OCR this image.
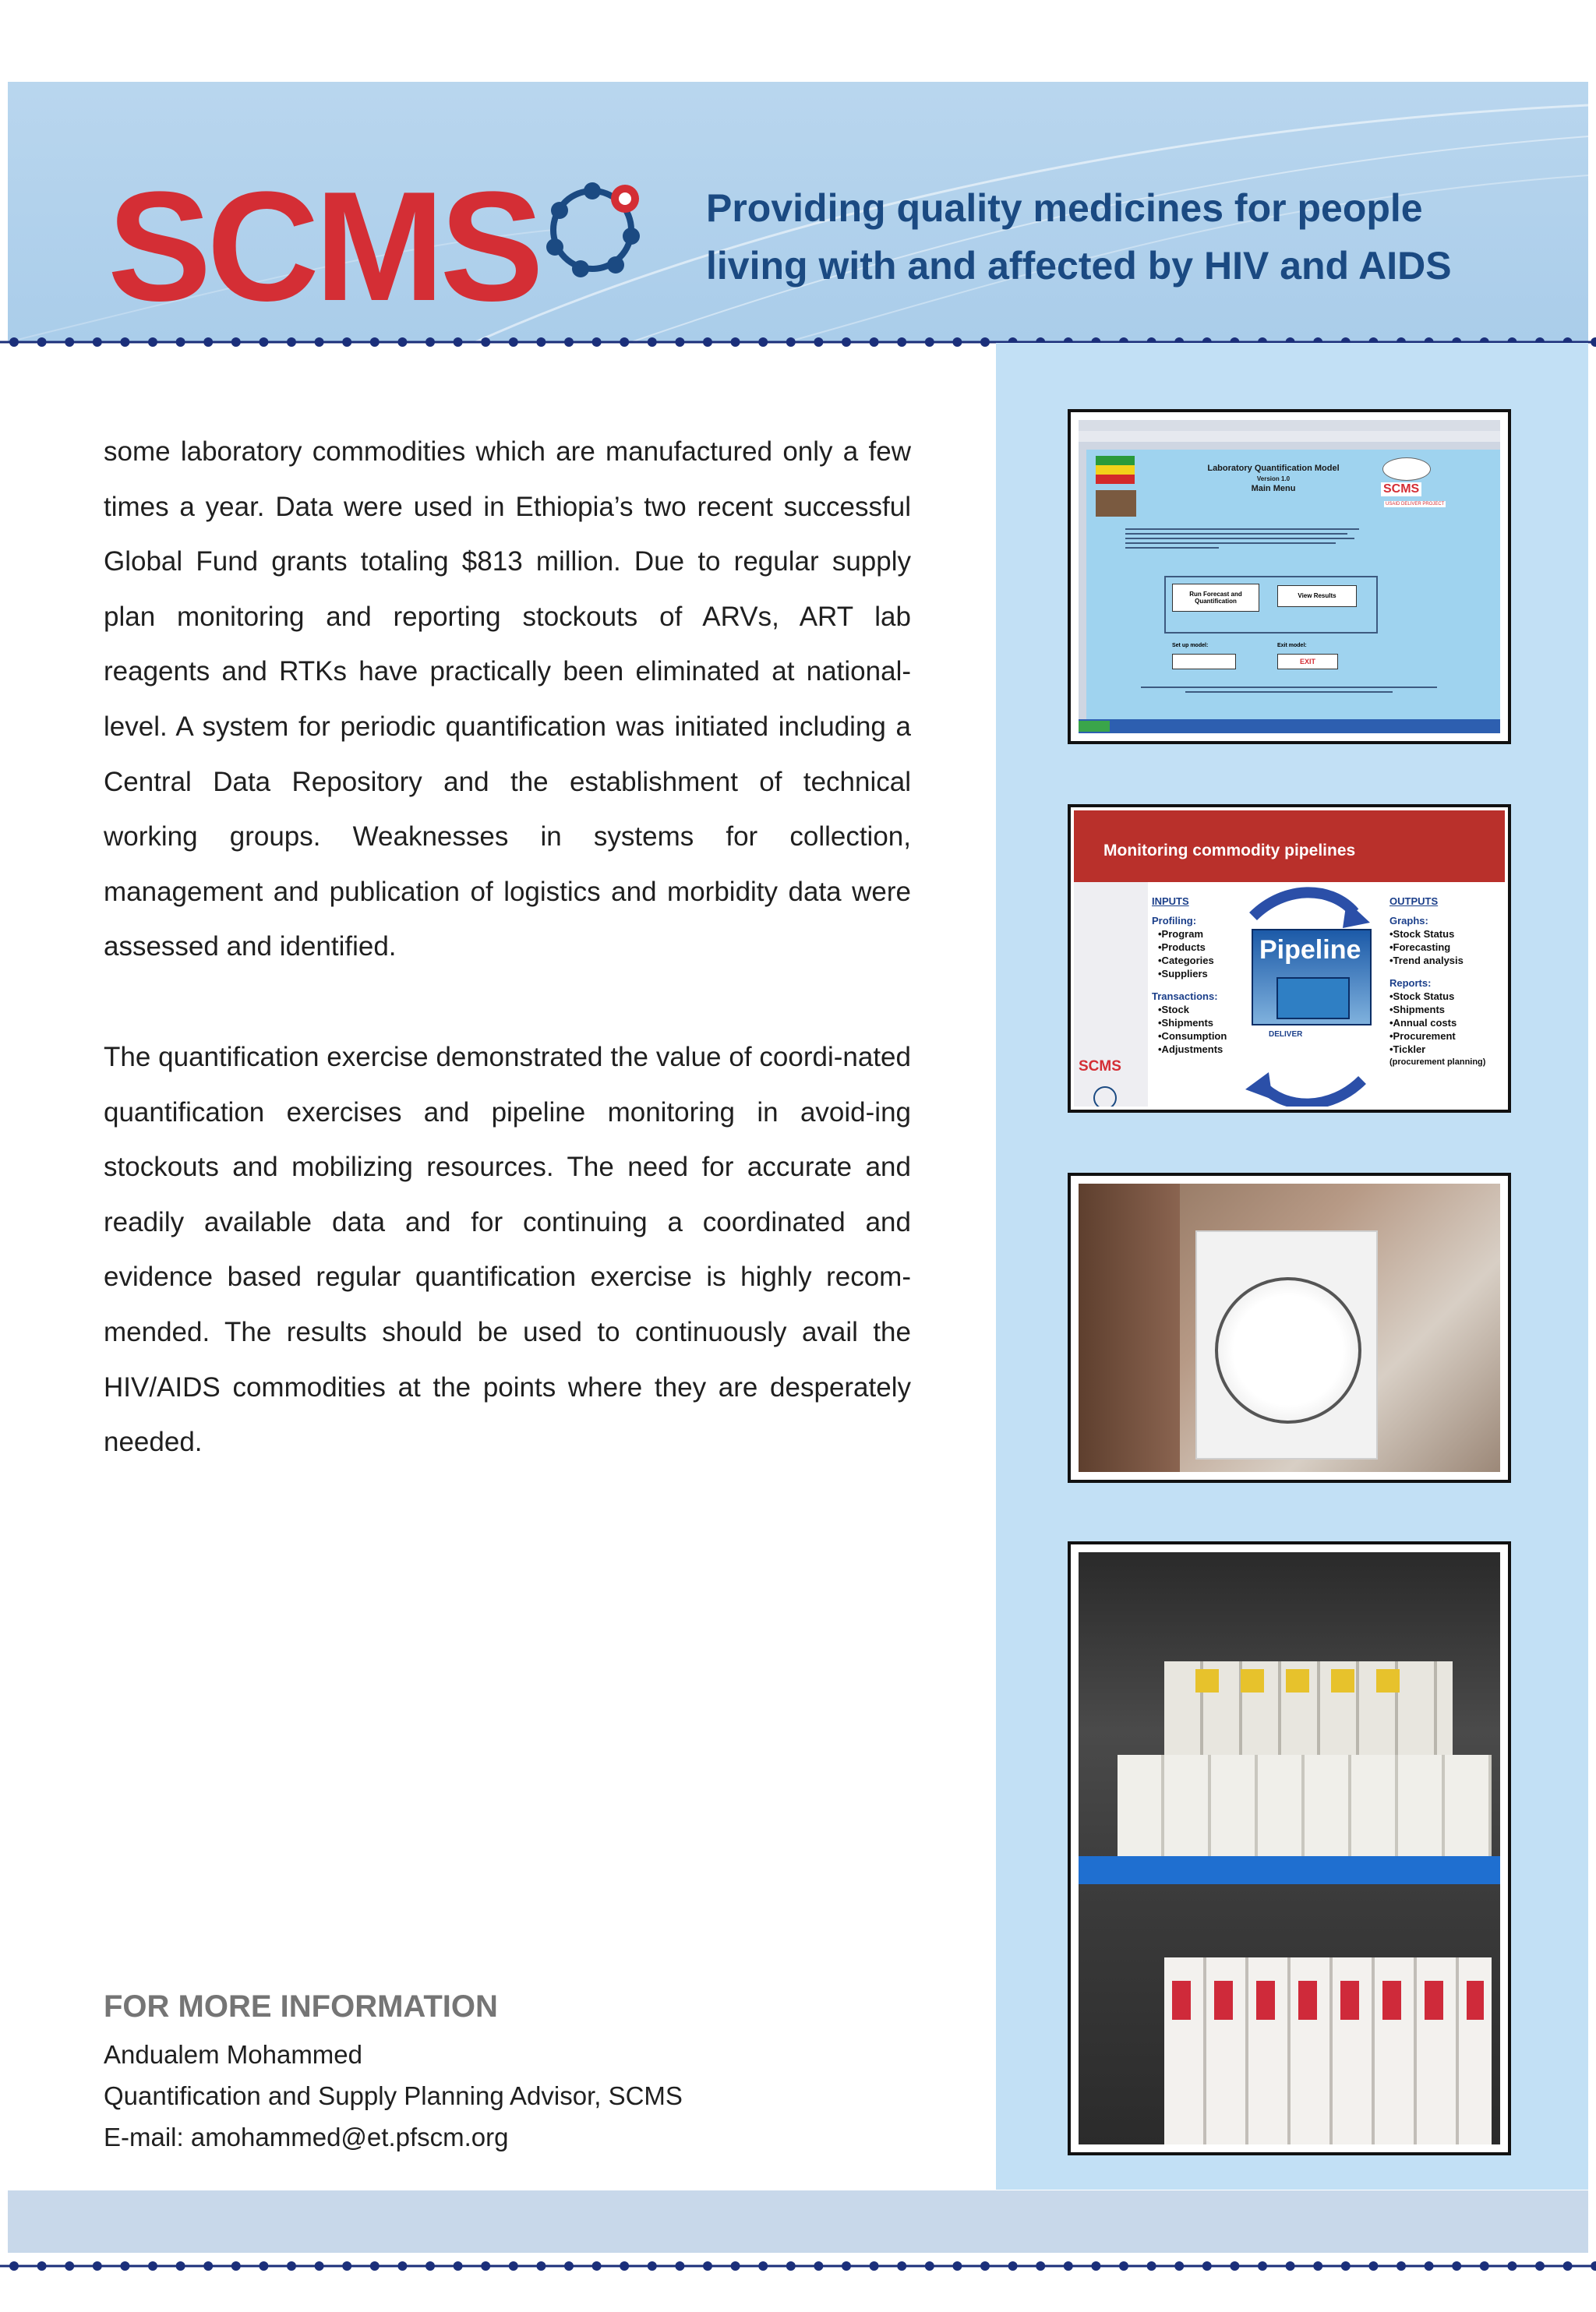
SCMS	Providing quality medicines for people
living with and affected by HIV and AIDS

some laboratory commodities which are manufactured only a few times a year. Data were used in Ethiopia’s two recent successful Global Fund grants totaling $813 million. Due to regular supply plan monitoring and reporting stockouts of ARVs, ART lab reagents and RTKs have practically been eliminated at national-level. A system for periodic quantification was initiated including a Central Data Repository and the establishment of technical working groups. Weaknesses in systems for collection, management and publication of logistics and morbidity data were assessed and identified.

The quantification exercise demonstrated the value of coordi-nated quantification exercises and pipeline monitoring in avoid-ing stockouts and mobilizing resources. The need for accurate and readily available data and for continuing a coordinated and evidence based regular quantification exercise is highly recom-mended. The results should be used to continuously avail the HIV/AIDS commodities at the points where they are desperately needed.

FOR MORE INFORMATION
Andualem Mohammed
Quantification and Supply Planning Advisor, SCMS
E-mail: amohammed@et.pfscm.org
Laboratory Quantification Model
Version 1.0
Main Menu	SCMS
USAID DELIVER PROJECT
Run Forecast and Quantification
View Results
Set up model:	Exit model:
EXIT
Monitoring commodity pipelines
SCMS
INPUTS
Profiling:
•Program
•Products
•Categories
•Suppliers
Transactions:
•Stock
•Shipments
•Consumption
•Adjustments
Pipeline
DELIVER
OUTPUTS
Graphs:
•Stock Status
•Forecasting
•Trend analysis
Reports:
•Stock Status
•Shipments
•Annual costs
•Procurement
•Tickler
(procurement planning)
